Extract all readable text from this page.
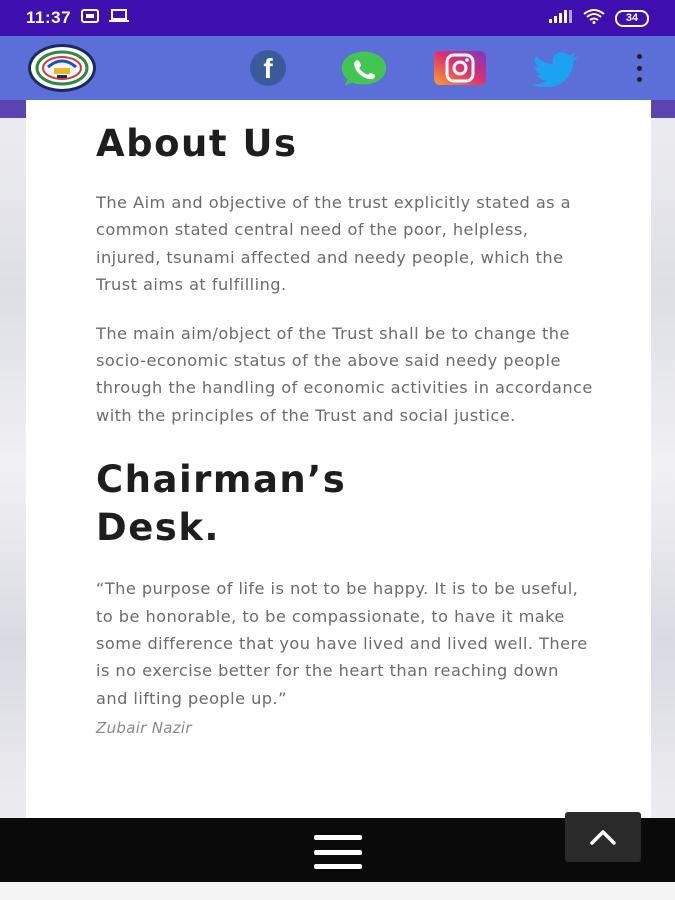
11:37	34
f
About Us

The Aim and objective of the trust explicitly stated as a common stated central need of the poor, helpless, injured, tsunami affected and needy people, which the Trust aims at fulfilling.

The main aim/object of the Trust shall be to change the socio-economic status of the above said needy people through the handling of economic activities in accordance with the principles of the Trust and social justice.

Chairman’s
Desk.

“The purpose of life is not to be happy. It is to be useful, to be honorable, to be compassionate, to have it make some difference that you have lived and lived well. There is no exercise better for the heart than reaching down and lifting people up.”

Zubair Nazir
